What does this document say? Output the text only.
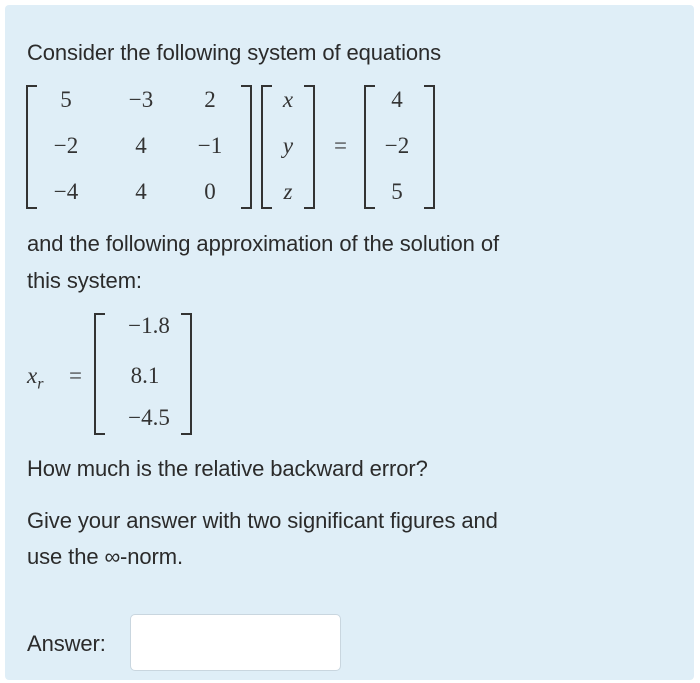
Consider the following system of equations
5	−3	2
−2	4	−1
−4	4	0
x
y
z
=
4
−2
5
and the following approximation of the solution of
this system:
$x_r$ =
−1.8
8.1
−4.5
How much is the relative backward error?
Give your answer with two significant figures and
use the ∞-norm.
Answer:
